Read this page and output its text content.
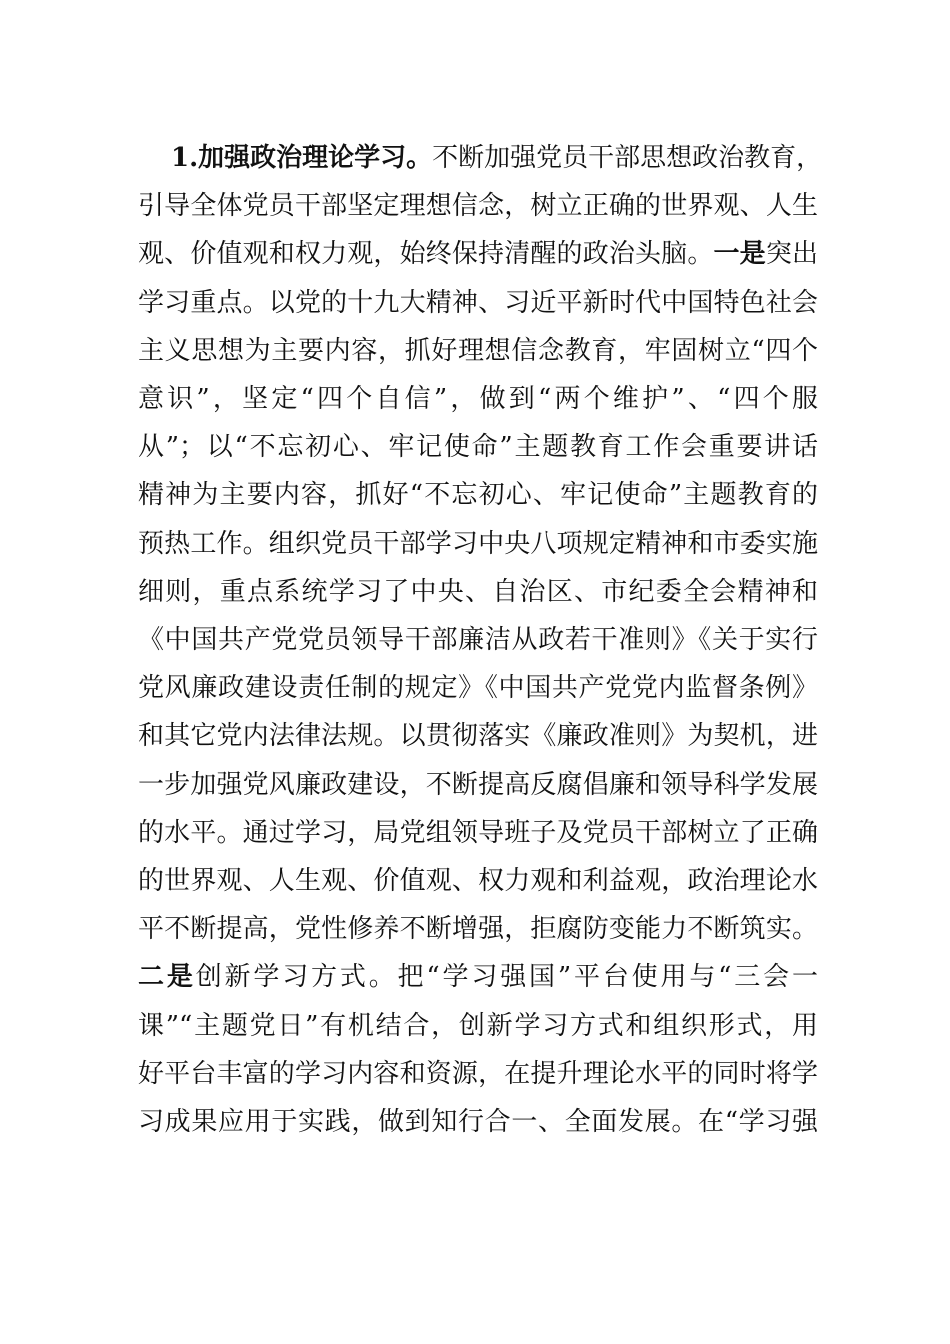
1.加强政治理论学习。不断加强党员干部思想政治教育，
引导全体党员干部坚定理想信念，树立正确的世界观、人生
观、价值观和权力观，始终保持清醒的政治头脑。一是突出
学习重点。以党的十九大精神、习近平新时代中国特色社会
主义思想为主要内容，抓好理想信念教育，牢固树立“四个
意识”，坚定“四个自信”，做到“两个维护”、“四个服
从”；以“不忘初心、牢记使命”主题教育工作会重要讲话
精神为主要内容，抓好“不忘初心、牢记使命”主题教育的
预热工作。组织党员干部学习中央八项规定精神和市委实施
细则，重点系统学习了中央、自治区、市纪委全会精神和
《中国共产党党员领导干部廉洁从政若干准则》《关于实行
党风廉政建设责任制的规定》《中国共产党党内监督条例》
和其它党内法律法规。以贯彻落实《廉政准则》为契机，进
一步加强党风廉政建设，不断提高反腐倡廉和领导科学发展
的水平。通过学习，局党组领导班子及党员干部树立了正确
的世界观、人生观、价值观、权力观和利益观，政治理论水
平不断提高，党性修养不断增强，拒腐防变能力不断筑实。
二是创新学习方式。把“学习强国”平台使用与“三会一
课”“主题党日”有机结合，创新学习方式和组织形式，用
好平台丰富的学习内容和资源，在提升理论水平的同时将学
习成果应用于实践，做到知行合一、全面发展。在“学习强
